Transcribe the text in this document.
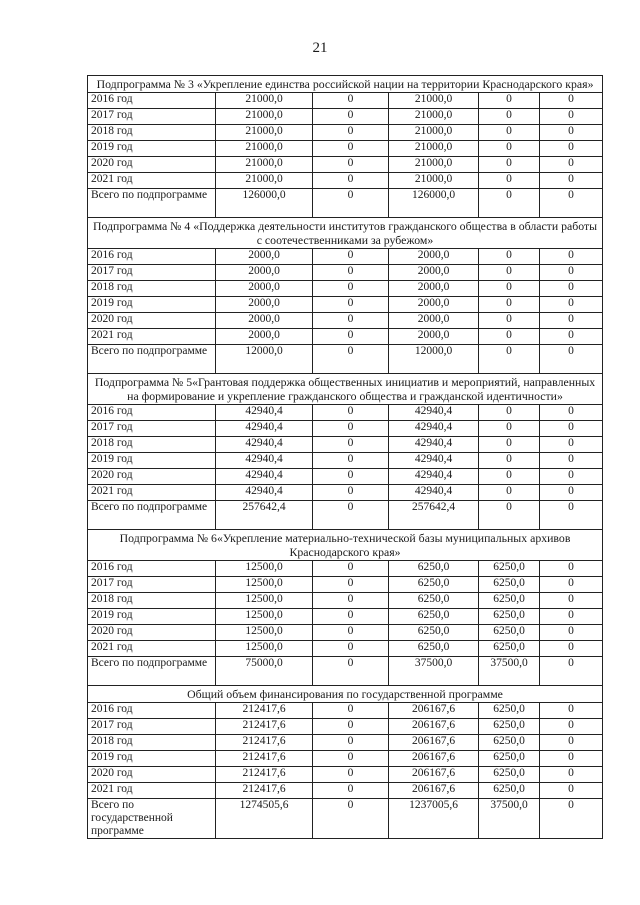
21
Подпрограмма № 3 «Укрепление единства российской нации на территории Краснодарского края»					
2016 год	21000,0	0	21000,0	0	0
2017 год	21000,0	0	21000,0	0	0
2018 год	21000,0	0	21000,0	0	0
2019 год	21000,0	0	21000,0	0	0
2020 год	21000,0	0	21000,0	0	0
2021 год	21000,0	0	21000,0	0	0
Всего по подпрограмме	126000,0	0	126000,0	0	0
Подпрограмма № 4 «Поддержка деятельности институтов гражданского общества в области работы с соотечественниками за рубежом»					
2016 год	2000,0	0	2000,0	0	0
2017 год	2000,0	0	2000,0	0	0
2018 год	2000,0	0	2000,0	0	0
2019 год	2000,0	0	2000,0	0	0
2020 год	2000,0	0	2000,0	0	0
2021 год	2000,0	0	2000,0	0	0
Всего по подпрограмме	12000,0	0	12000,0	0	0
Подпрограмма № 5«Грантовая поддержка общественных инициатив и мероприятий, направленных на формирование и укрепление гражданского общества и гражданской идентичности»					
2016 год	42940,4	0	42940,4	0	0
2017 год	42940,4	0	42940,4	0	0
2018 год	42940,4	0	42940,4	0	0
2019 год	42940,4	0	42940,4	0	0
2020 год	42940,4	0	42940,4	0	0
2021 год	42940,4	0	42940,4	0	0
Всего по подпрограмме	257642,4	0	257642,4	0	0
Подпрограмма № 6«Укрепление материально-технической базы муниципальных архивов Краснодарского края»					
2016 год	12500,0	0	6250,0	6250,0	0
2017 год	12500,0	0	6250,0	6250,0	0
2018 год	12500,0	0	6250,0	6250,0	0
2019 год	12500,0	0	6250,0	6250,0	0
2020 год	12500,0	0	6250,0	6250,0	0
2021 год	12500,0	0	6250,0	6250,0	0
Всего по подпрограмме	75000,0	0	37500,0	37500,0	0
Общий объем финансирования по государственной программе					
2016 год	212417,6	0	206167,6	6250,0	0
2017 год	212417,6	0	206167,6	6250,0	0
2018 год	212417,6	0	206167,6	6250,0	0
2019 год	212417,6	0	206167,6	6250,0	0
2020 год	212417,6	0	206167,6	6250,0	0
2021 год	212417,6	0	206167,6	6250,0	0
Всего по государственной программе	1274505,6	0	1237005,6	37500,0	0
